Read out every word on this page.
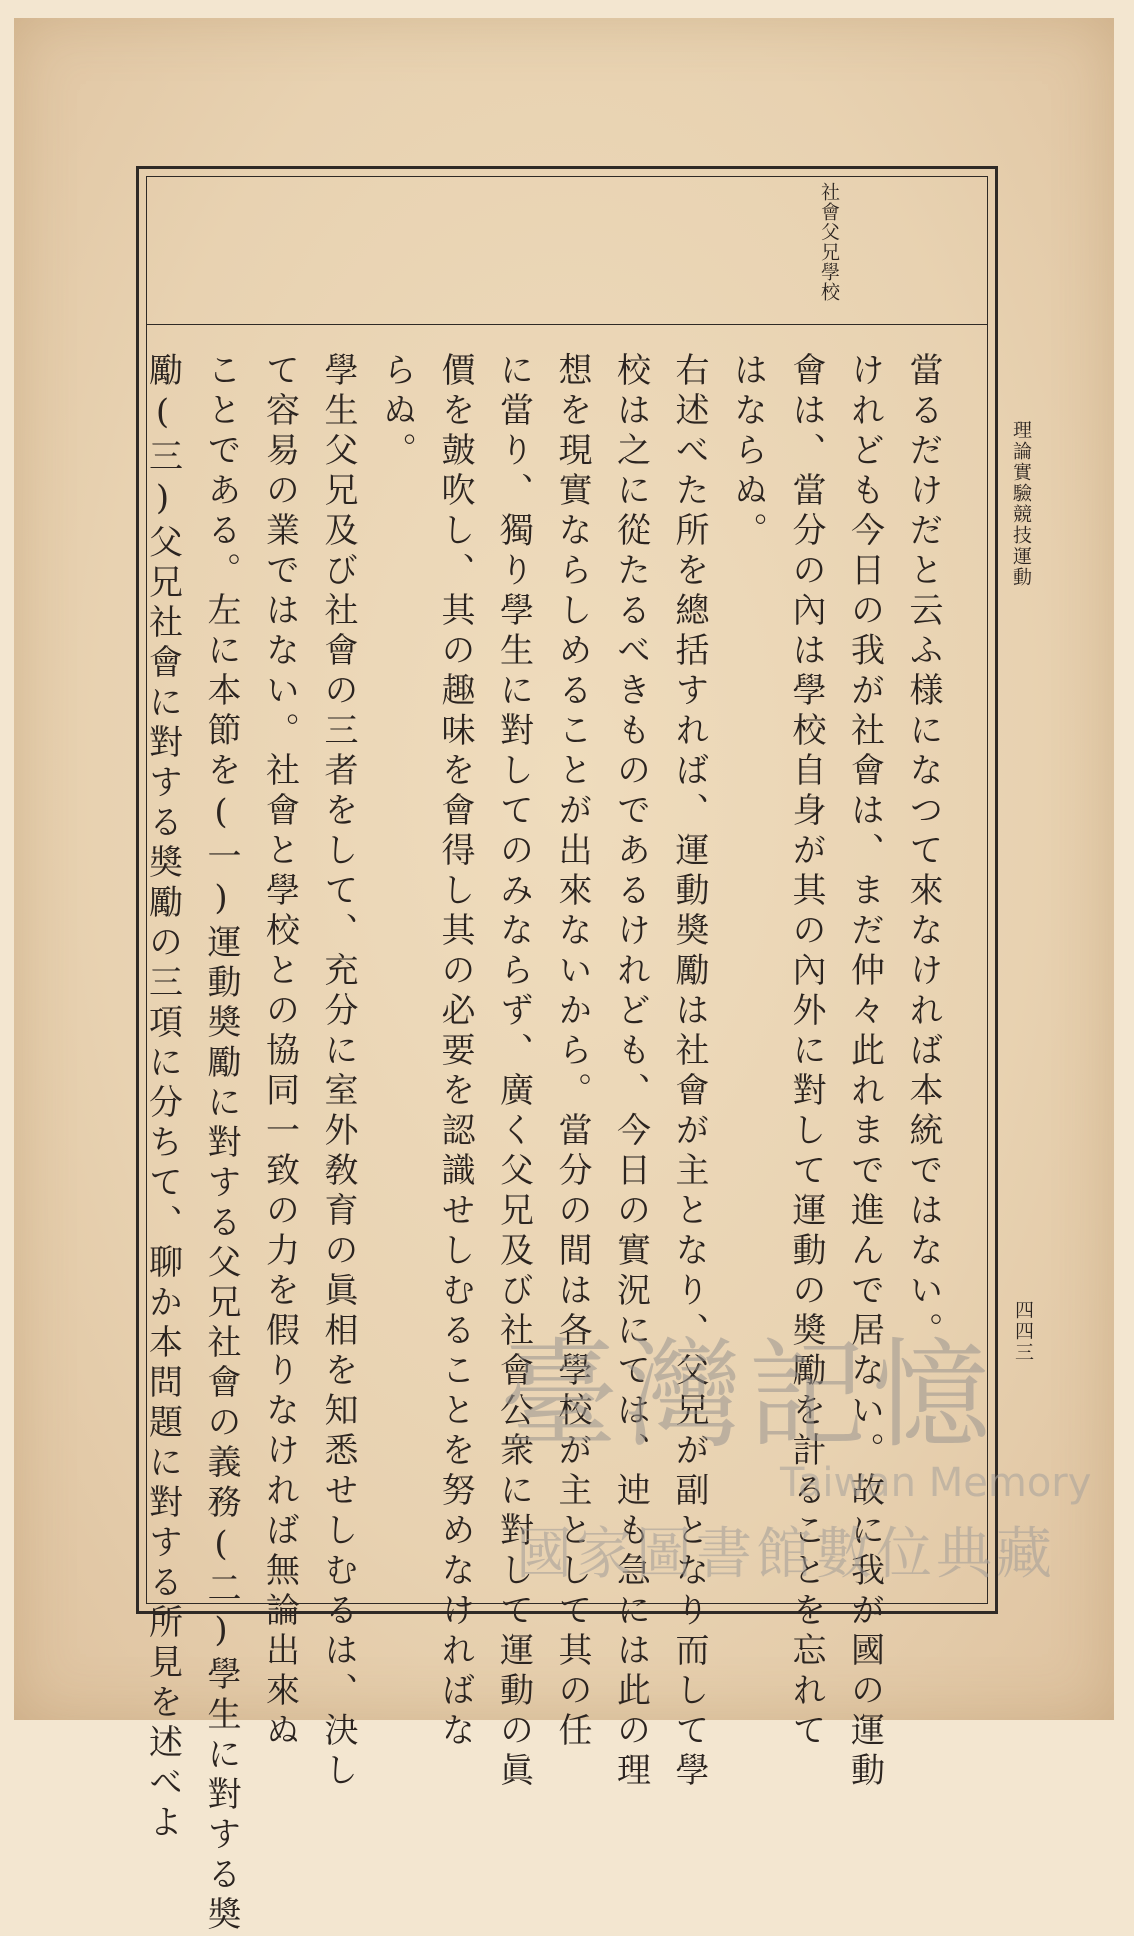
理論實驗競技運動
四四三
社會父兄學校
當るだけだと云ふ様になつて來なければ本統ではない。
けれども今日の我が社會は、まだ仲々此れまで進んで居ない。故に我が國の運動
會は、當分の內は學校自身が其の內外に對して運動の奬勵を計ることを忘れて
はならぬ。
右述べた所を總括すれば、運動奬勵は社會が主となり、父兄が副となり而して學
校は之に從たるべきものであるけれども、今日の實況にては、迚も急には此の理
想を現實ならしめることが出來ないから。當分の間は各學校が主として其の任
に當り、獨り學生に對してのみならず、廣く父兄及び社會公衆に對して運動の眞
價を皷吹し、其の趣味を會得し其の必要を認識せしむることを努めなければな
らぬ。
學生父兄及び社會の三者をして、充分に室外敎育の眞相を知悉せしむるは、決し
て容易の業ではない。社會と學校との協同一致の力を假りなければ無論出來ぬ
ことである。左に本節を(一)運動奬勵に對する父兄社會の義務(二)學生に對する奬
勵(三)父兄社會に對する奬勵の三項に分ちて、聊か本問題に對する所見を述べよ	臺灣記憶
Taiwan Memory
國家圖書館數位典藏
